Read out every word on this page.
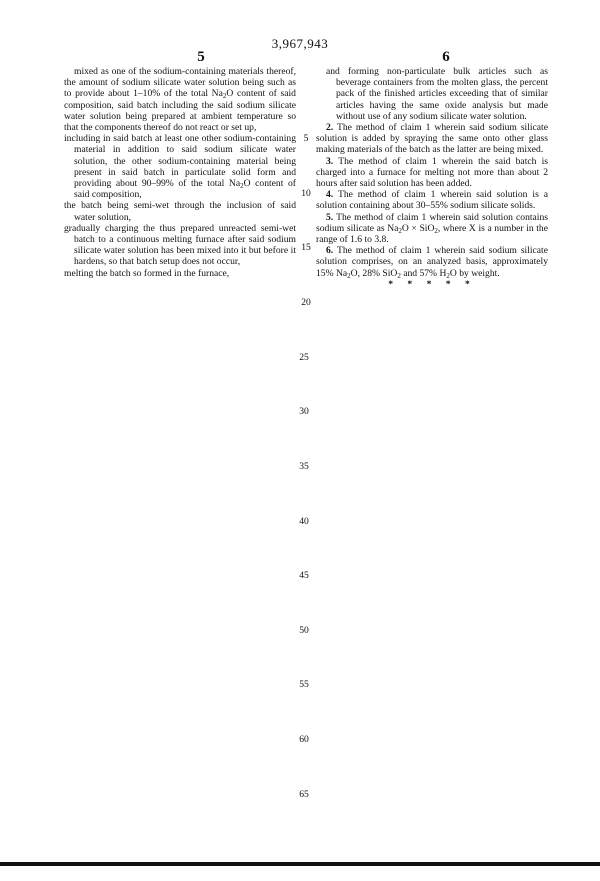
3,967,943
5	6

mixed as one of the sodium-containing materials thereof, the amount of sodium silicate water solution being such as to provide about 1–10% of the total $Na_2O$ content of said composition, said batch including the said sodium silicate water solution being prepared at ambient temperature so that the components thereof do not react or set up,

including in said batch at least one other sodium-containing material in addition to said sodium silicate water solution, the other sodium-containing material being present in said batch in particulate solid form and providing about 90–99% of the total $Na_2O$ content of said composition,

the batch being semi-wet through the inclusion of said water solution,

gradually charging the thus prepared unreacted semi-wet batch to a continuous melting furnace after said sodium silicate water solution has been mixed into it but before it hardens, so that batch setup does not occur,

melting the batch so formed in the furnace,

and forming non-particulate bulk articles such as beverage containers from the molten glass, the percent pack of the finished articles exceeding that of similar articles having the same oxide analysis but made without use of any sodium silicate water solution.

2. The method of claim 1 wherein said sodium silicate solution is added by spraying the same onto other glass making materials of the batch as the latter are being mixed.

3. The method of claim 1 wherein the said batch is charged into a furnace for melting not more than about 2 hours after said solution has been added.

4. The method of claim 1 wherein said solution is a solution containing about 30–55% sodium silicate solids.

5. The method of claim 1 wherein said solution contains sodium silicate as $Na_2O \times SiO_2$, where X is a number in the range of 1.6 to 3.8.

6. The method of claim 1 wherein said sodium silicate solution comprises, on an analyzed basis, approximately 15% $Na_2O$, 28% SiO$_2$ and 57% $H_2O$ by weight.

* * * * *
5
10
15
20
25
30
35
40
45
50
55
60
65
